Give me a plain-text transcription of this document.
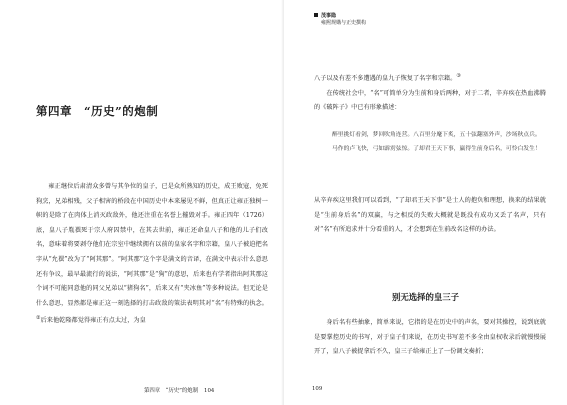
第四章　“历史”的炮制

雍正继位后肃清众多曾与其争位的皇子，已是众所熟知的历史，成王败寇，免死狗烹，兄弟相残，父子相害的桥段在中国历史中本来屡见不鲜，但真正让雍正独树一帜的是除了在肉体上消灭政敌外，他还注重在名誉上摧毁对手。雍正四年（1726）底，皇八子胤禩死于宗人府囚禁中，在其去世前，雍正还命皇八子和他的儿子们改名，意味着将要剥夺他们在宗室中继续拥有以前的皇家名字和宗籍，皇八子被迫把名字从“允禩”改为了“阿其那”。“阿其那”这个字是满文的音译，在满文中表示什么意思还有争议，最早最流行的说法，“阿其那”是“狗”的意思，后来也有学者指出阿其那这个词不可能同意他的同父兄弟以“猪狗名”，后来又有“夹冰鱼”等多种说法。但无论是什么意思，显然都是雍正这一刻选择的打击政敌的策法表明其对“名”有特殊的执念。②后来他乾隆都觉得雍正有点太过，为皇

第四章　“历史”的炮制 104
茂事隐
雍熙规媾与正史撰构

八子以及有差不多遭遇的皇九子恢复了名字和宗籍。③

在传统社会中，“名”可简单分为生前和身后两种，对于二者，辛弃疾在热血沸腾的《破阵子》中已有形象描述：

醉里挑灯看剑，梦回吹角连营。八百里分麾下炙，五十弦翻塞外声，沙场秋点兵。

马作的卢飞快，弓如霹雳弦惊。了却君王天下事，赢得生前身后名，可怜白发生！

从辛弃疾这里我们可以看到，“了却君王天下事”是士人的抱负和理想，换来的结果就是“生前身后名”的双赢，与之相反的失败大概就是既没有成功又丢了名声，只有对“名”有所追求并十分看重的人，才会想到在生前改名这样的办法。

别无选择的皇三子

身后名有些抽象，简单来说，它指的是在历史中的声名，要对其操控，说到底就是要掌控历史的书写，对于皇子们来说，在历史书写差不多全由皇权收录后就慢慢展开了，皇八子被捉拿后不久，皇三子给雍正上了一份调文奏折；

109
